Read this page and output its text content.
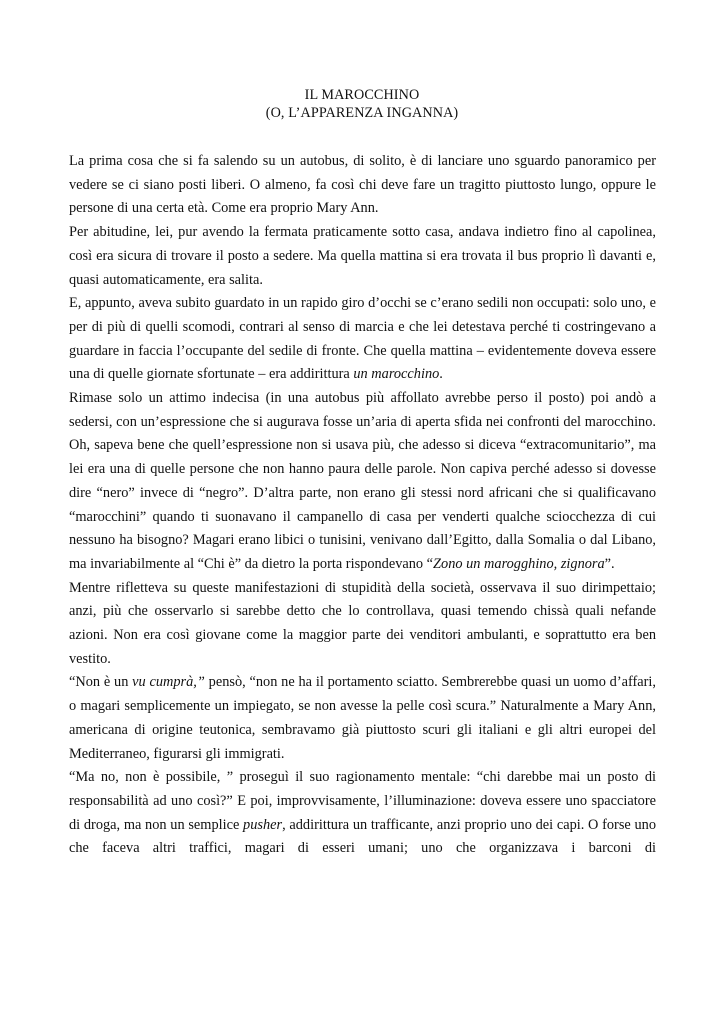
IL MAROCCHINO
(O, L’APPARENZA INGANNA)

La prima cosa che si fa salendo su un autobus, di solito, è di lanciare uno sguardo panoramico per vedere se ci siano posti liberi. O almeno, fa così chi deve fare un tragitto piuttosto lungo, oppure le persone di una certa età. Come era proprio Mary Ann.

Per abitudine, lei, pur avendo la fermata praticamente sotto casa, andava indietro fino al capolinea, così era sicura di trovare il posto a sedere. Ma quella mattina si era trovata il bus proprio lì davanti e, quasi automaticamente, era salita.

E, appunto, aveva subito guardato in un rapido giro d’occhi se c’erano sedili non occupati: solo uno, e per di più di quelli scomodi, contrari al senso di marcia e che lei detestava perché ti costringevano a guardare in faccia l’occupante del sedile di fronte. Che quella mattina – evidentemente doveva essere una di quelle giornate sfortunate – era addirittura un marocchino.

Rimase solo un attimo indecisa (in una autobus più affollato avrebbe perso il posto) poi andò a sedersi, con un’espressione che si augurava fosse un’aria di aperta sfida nei confronti del marocchino. Oh, sapeva bene che quell’espressione non si usava più, che adesso si diceva “extracomunitario”, ma lei era una di quelle persone che non hanno paura delle parole. Non capiva perché adesso si dovesse dire “nero” invece di “negro”. D’altra parte, non erano gli stessi nord africani che si qualificavano “marocchini” quando ti suonavano il campanello di casa per venderti qualche sciocchezza di cui nessuno ha bisogno? Magari erano libici o tunisini, venivano dall’Egitto, dalla Somalia o dal Libano, ma invariabilmente al “Chi è” da dietro la porta rispondevano “Zono un marogghino, zignora”.

Mentre rifletteva su queste manifestazioni di stupidità della società, osservava il suo dirimpettaio; anzi, più che osservarlo si sarebbe detto che lo controllava, quasi temendo chissà quali nefande azioni. Non era così giovane come la maggior parte dei venditori ambulanti, e soprattutto era ben vestito.

“Non è un vu cumprà,” pensò, “non ne ha il portamento sciatto. Sembrerebbe quasi un uomo d’affari, o magari semplicemente un impiegato, se non avesse la pelle così scura.” Naturalmente a Mary Ann, americana di origine teutonica, sembravamo già piuttosto scuri gli italiani e gli altri europei del Mediterraneo, figurarsi gli immigrati.

“Ma no, non è possibile, ” proseguì il suo ragionamento mentale: “chi darebbe mai un posto di responsabilità ad uno così?” E poi, improvvisamente, l’illuminazione: doveva essere uno spacciatore di droga, ma non un semplice pusher, addirittura un trafficante, anzi proprio uno dei capi. O forse uno che faceva altri traffici, magari di esseri umani; uno che organizzava i barconi di
